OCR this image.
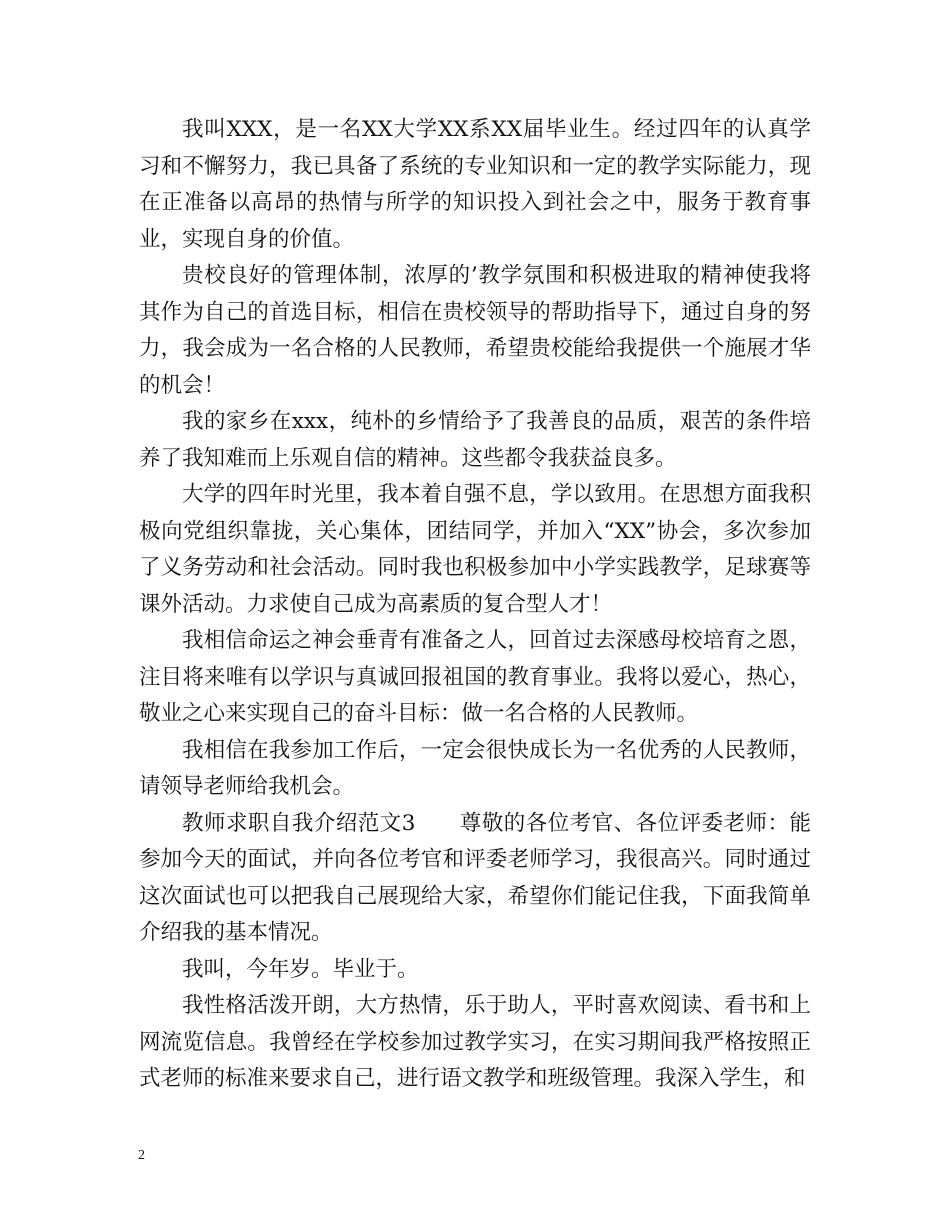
我叫XXX，是一名XX大学XX系XX届毕业生。经过四年的认真学习和不懈努力，我已具备了系统的专业知识和一定的教学实际能力，现在正准备以高昂的热情与所学的知识投入到社会之中，服务于教育事业，实现自身的价值。

贵校良好的管理体制，浓厚的’教学氛围和积极进取的精神使我将其作为自己的首选目标，相信在贵校领导的帮助指导下，通过自身的努力，我会成为一名合格的人民教师，希望贵校能给我提供一个施展才华的机会！

我的家乡在xxx，纯朴的乡情给予了我善良的品质，艰苦的条件培养了我知难而上乐观自信的精神。这些都令我获益良多。

大学的四年时光里，我本着自强不息，学以致用。在思想方面我积极向党组织靠拢，关心集体，团结同学，并加入“XX”协会，多次参加了义务劳动和社会活动。同时我也积极参加中小学实践教学，足球赛等课外活动。力求使自己成为高素质的复合型人才！

我相信命运之神会垂青有准备之人，回首过去深感母校培育之恩，注目将来唯有以学识与真诚回报祖国的教育事业。我将以爱心，热心，敬业之心来实现自己的奋斗目标：做一名合格的人民教师。

我相信在我参加工作后，一定会很快成长为一名优秀的人民教师，请领导老师给我机会。

教师求职自我介绍范文3　　尊敬的各位考官、各位评委老师：能参加今天的面试，并向各位考官和评委老师学习，我很高兴。同时通过这次面试也可以把我自己展现给大家，希望你们能记住我，下面我简单介绍我的基本情况。

我叫，今年岁。毕业于。

我性格活泼开朗，大方热情，乐于助人，平时喜欢阅读、看书和上网流览信息。我曾经在学校参加过教学实习，在实习期间我严格按照正式老师的标准来要求自己，进行语文教学和班级管理。我深入学生，和

2
